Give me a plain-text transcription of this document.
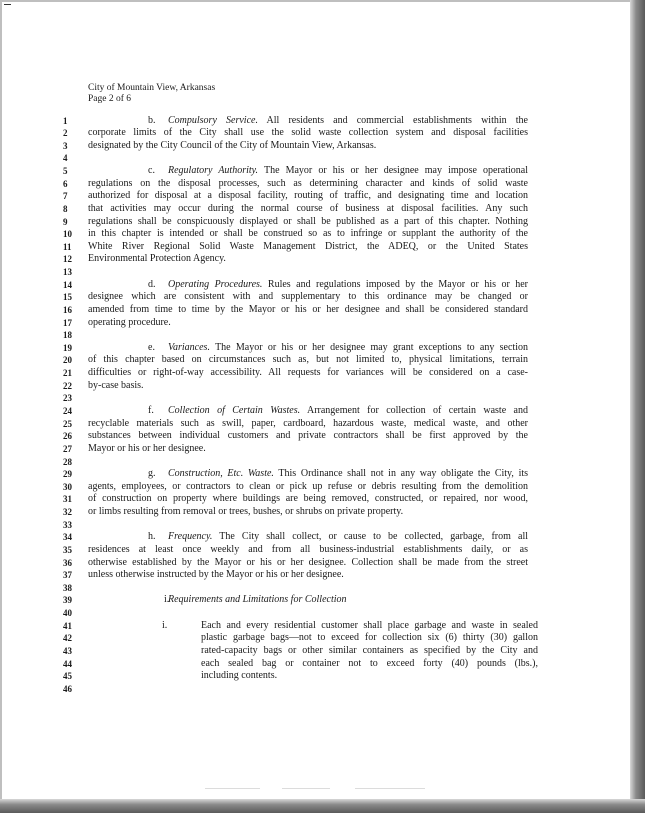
City of Mountain View, Arkansas
Page 2 of 6
1	b.	Compulsory Service. All residents and commercial establishments within the
2	corporate limits of the City shall use the solid waste collection system and disposal facilities
3	designated by the City Council of the City of Mountain View, Arkansas.
4
5	c.	Regulatory Authority. The Mayor or his or her designee may impose operational
6	regulations on the disposal processes, such as determining character and kinds of solid waste
7	authorized for disposal at a disposal facility, routing of traffic, and designating time and location
8	that activities may occur during the normal course of business at disposal facilities. Any such
9	regulations shall be conspicuously displayed or shall be published as a part of this chapter. Nothing
10	in this chapter is intended or shall be construed so as to infringe or supplant the authority of the
11	White River Regional Solid Waste Management District, the ADEQ, or the United States
12	Environmental Protection Agency.
13
14	d.	Operating Procedures. Rules and regulations imposed by the Mayor or his or her
15	designee which are consistent with and supplementary to this ordinance may be changed or
16	amended from time to time by the Mayor or his or her designee and shall be considered standard
17	operating procedure.
18
19	e.	Variances. The Mayor or his or her designee may grant exceptions to any section
20	of this chapter based on circumstances such as, but not limited to, physical limitations, terrain
21	difficulties or right-of-way accessibility. All requests for variances will be considered on a case-
22	by-case basis.
23
24	f.	Collection of Certain Wastes. Arrangement for collection of certain waste and
25	recyclable materials such as swill, paper, cardboard, hazardous waste, medical waste, and other
26	substances between individual customers and private contractors shall be first approved by the
27	Mayor or his or her designee.
28
29	g.	Construction, Etc. Waste. This Ordinance shall not in any way obligate the City, its
30	agents, employees, or contractors to clean or pick up refuse or debris resulting from the demolition
31	of construction on property where buildings are being removed, constructed, or repaired, nor wood,
32	or limbs resulting from removal or trees, bushes, or shrubs on private property.
33
34	h.	Frequency. The City shall collect, or cause to be collected, garbage, from all
35	residences at least once weekly and from all business-industrial establishments daily, or as
36	otherwise established by the Mayor or his or her designee. Collection shall be made from the street
37	unless otherwise instructed by the Mayor or his or her designee.
38
39	i.
Requirements and Limitations for Collection
40
41	i.	Each and every residential customer shall place garbage and waste in sealed
42	plastic garbage bags—not to exceed for collection six (6) thirty (30) gallon
43	rated-capacity bags or other similar containers as specified by the City and
44	each sealed bag or container not to exceed forty (40) pounds (lbs.),
45	including contents.
46
